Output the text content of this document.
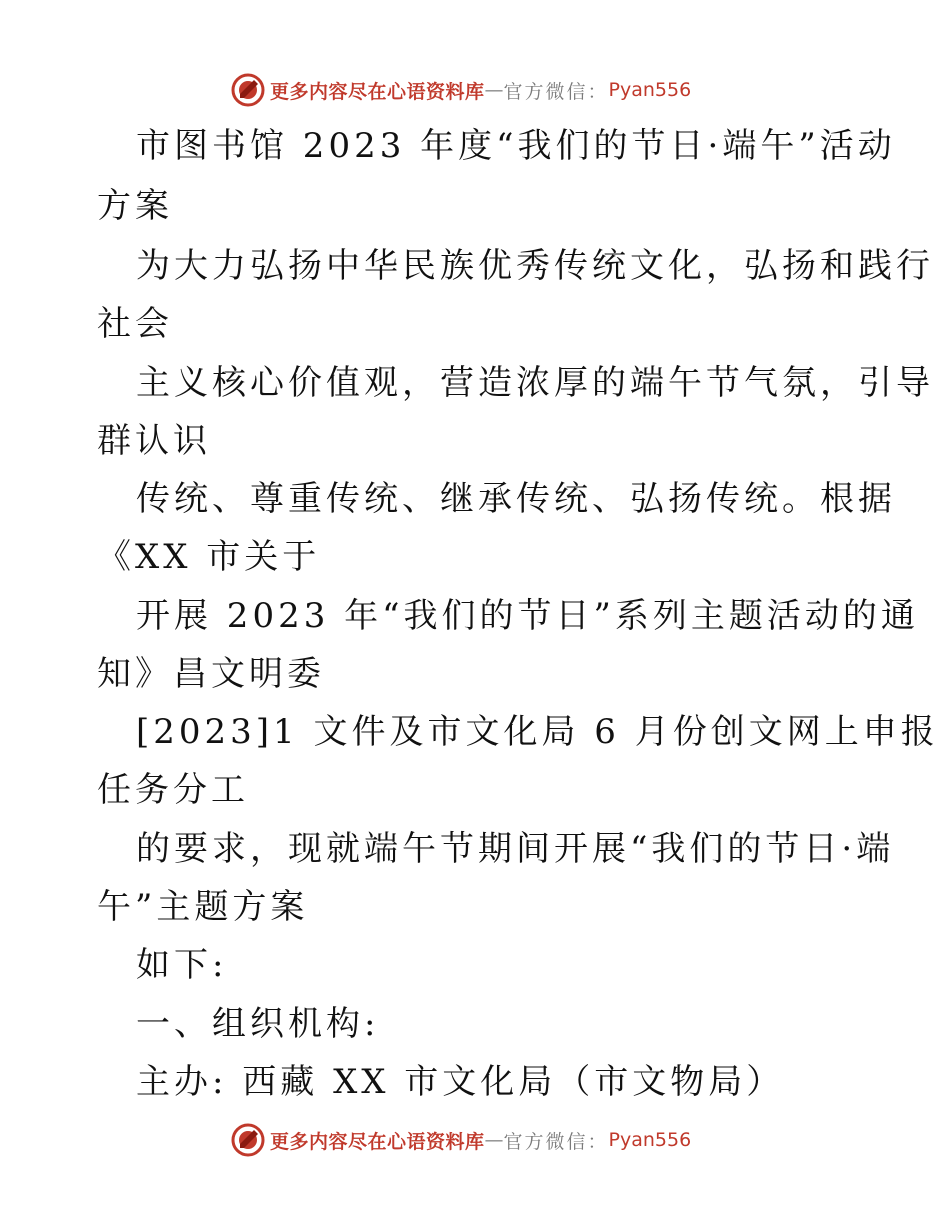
更多内容尽在心语资料库 — 官方微信： Pyan556
市图书馆 2023 年度“我们的节日·端午”活动
方案
为大力弘扬中华民族优秀传统文化，弘扬和践行
社会
主义核心价值观，营造浓厚的端午节气氛，引导
群认识
传统、尊重传统、继承传统、弘扬传统。根据
《XX 市关于
开展 2023 年“我们的节日”系列主题活动的通
知》昌文明委
[2023]1 文件及市文化局 6 月份创文网上申报
任务分工
的要求，现就端午节期间开展“我们的节日·端
午”主题方案
如下:
一、组织机构:
主办: 西藏 XX 市文化局（市文物局）
更多内容尽在心语资料库 — 官方微信： Pyan556
